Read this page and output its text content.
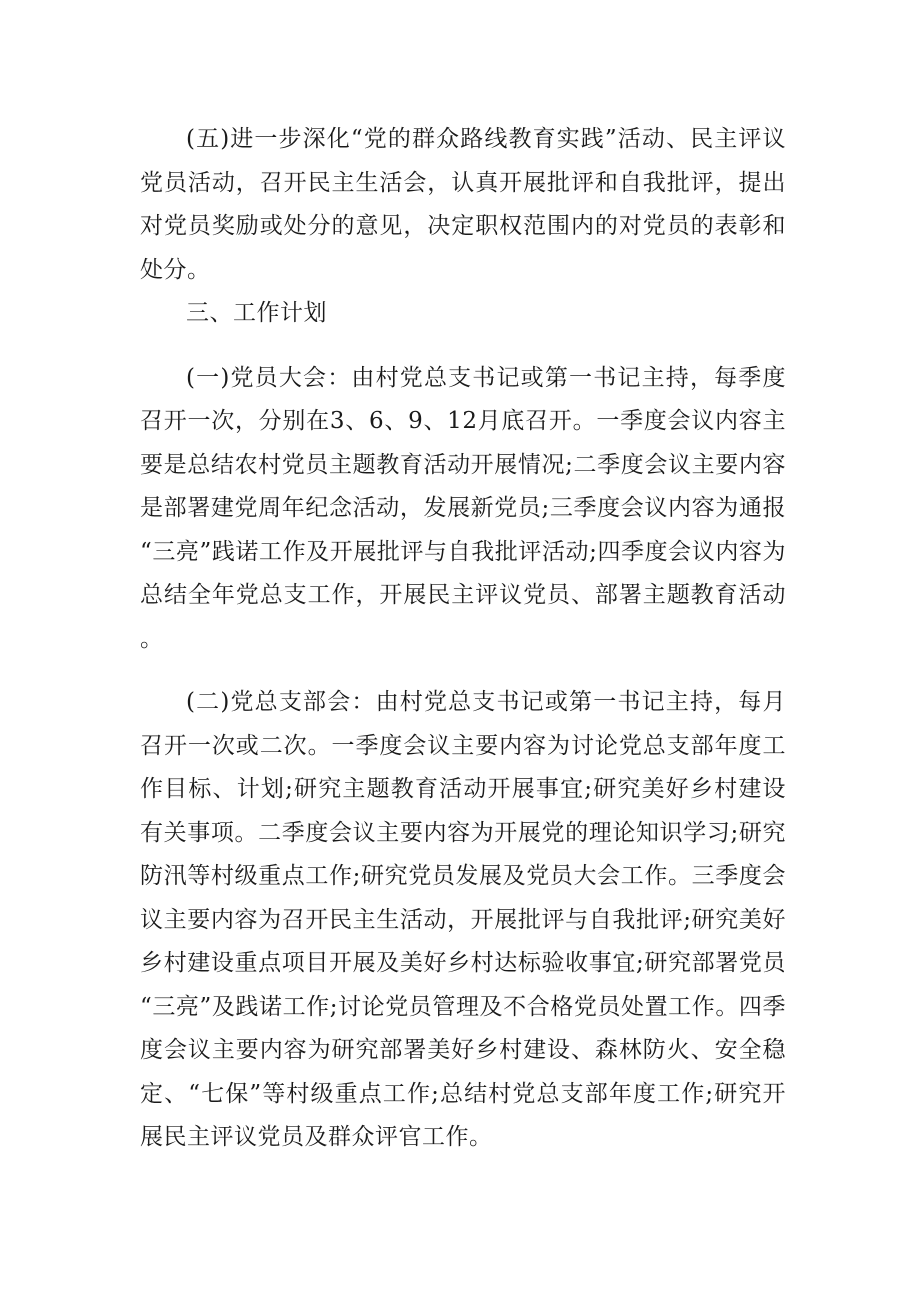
(五)进一步深化“党的群众路线教育实践”活动、民主评议党员活动，召开民主生活会，认真开展批评和自我批评，提出对党员奖励或处分的意见，决定职权范围内的对党员的表彰和处分。

三、工作计划

(一)党员大会：由村党总支书记或第一书记主持，每季度召开一次，分别在3、6、9、12月底召开。一季度会议内容主要是总结农村党员主题教育活动开展情况;二季度会议主要内容是部署建党周年纪念活动，发展新党员;三季度会议内容为通报“三亮”践诺工作及开展批评与自我批评活动;四季度会议内容为总结全年党总支工作，开展民主评议党员、部署主题教育活动。

(二)党总支部会：由村党总支书记或第一书记主持，每月召开一次或二次。一季度会议主要内容为讨论党总支部年度工作目标、计划;研究主题教育活动开展事宜;研究美好乡村建设有关事项。二季度会议主要内容为开展党的理论知识学习;研究防汛等村级重点工作;研究党员发展及党员大会工作。三季度会议主要内容为召开民主生活动，开展批评与自我批评;研究美好乡村建设重点项目开展及美好乡村达标验收事宜;研究部署党员“三亮”及践诺工作;讨论党员管理及不合格党员处置工作。四季度会议主要内容为研究部署美好乡村建设、森林防火、安全稳定、“七保”等村级重点工作;总结村党总支部年度工作;研究开展民主评议党员及群众评官工作。
